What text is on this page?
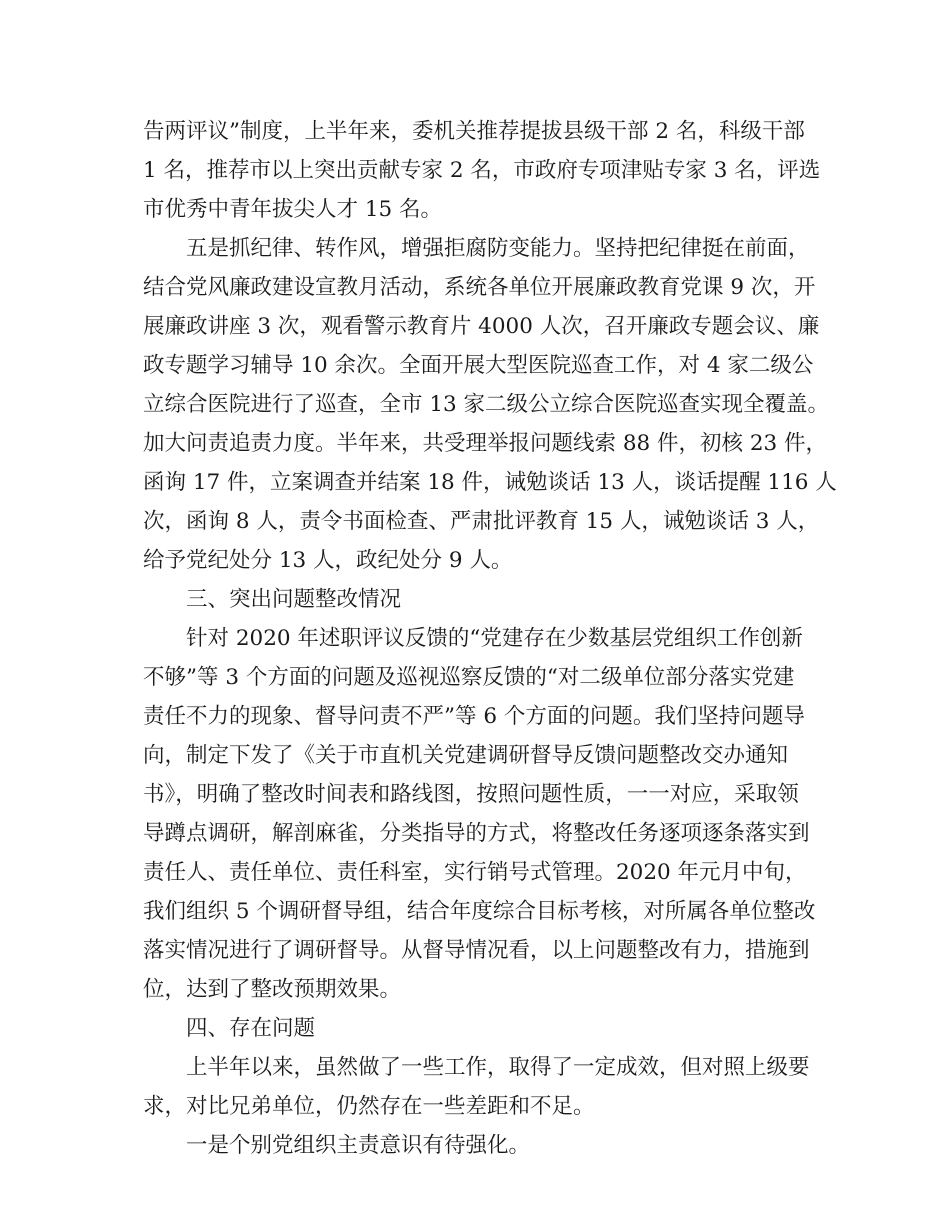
告两评议”制度，上半年来，委机关推荐提拔县级干部 2 名，科级干部
1 名，推荐市以上突出贡献专家 2 名，市政府专项津贴专家 3 名，评选
市优秀中青年拔尖人才 15 名。

五是抓纪律、转作风，增强拒腐防变能力。坚持把纪律挺在前面，
结合党风廉政建设宣教月活动，系统各单位开展廉政教育党课 9 次，开
展廉政讲座 3 次，观看警示教育片 4000 人次，召开廉政专题会议、廉
政专题学习辅导 10 余次。全面开展大型医院巡查工作，对 4 家二级公
立综合医院进行了巡查，全市 13 家二级公立综合医院巡查实现全覆盖。
加大问责追责力度。半年来，共受理举报问题线索 88 件，初核 23 件，
函询 17 件，立案调查并结案 18 件，诫勉谈话 13 人，谈话提醒 116 人
次，函询 8 人，责令书面检查、严肃批评教育 15 人，诫勉谈话 3 人，
给予党纪处分 13 人，政纪处分 9 人。

三、突出问题整改情况

针对 2020 年述职评议反馈的“党建存在少数基层党组织工作创新
不够”等 3 个方面的问题及巡视巡察反馈的“对二级单位部分落实党建
责任不力的现象、督导问责不严”等 6 个方面的问题。我们坚持问题导
向，制定下发了《关于市直机关党建调研督导反馈问题整改交办通知
书》，明确了整改时间表和路线图，按照问题性质，一一对应，采取领
导蹲点调研，解剖麻雀，分类指导的方式，将整改任务逐项逐条落实到
责任人、责任单位、责任科室，实行销号式管理。2020 年元月中旬，
我们组织 5 个调研督导组，结合年度综合目标考核，对所属各单位整改
落实情况进行了调研督导。从督导情况看，以上问题整改有力，措施到
位，达到了整改预期效果。

四、存在问题

上半年以来，虽然做了一些工作，取得了一定成效，但对照上级要
求，对比兄弟单位，仍然存在一些差距和不足。

一是个别党组织主责意识有待强化。
